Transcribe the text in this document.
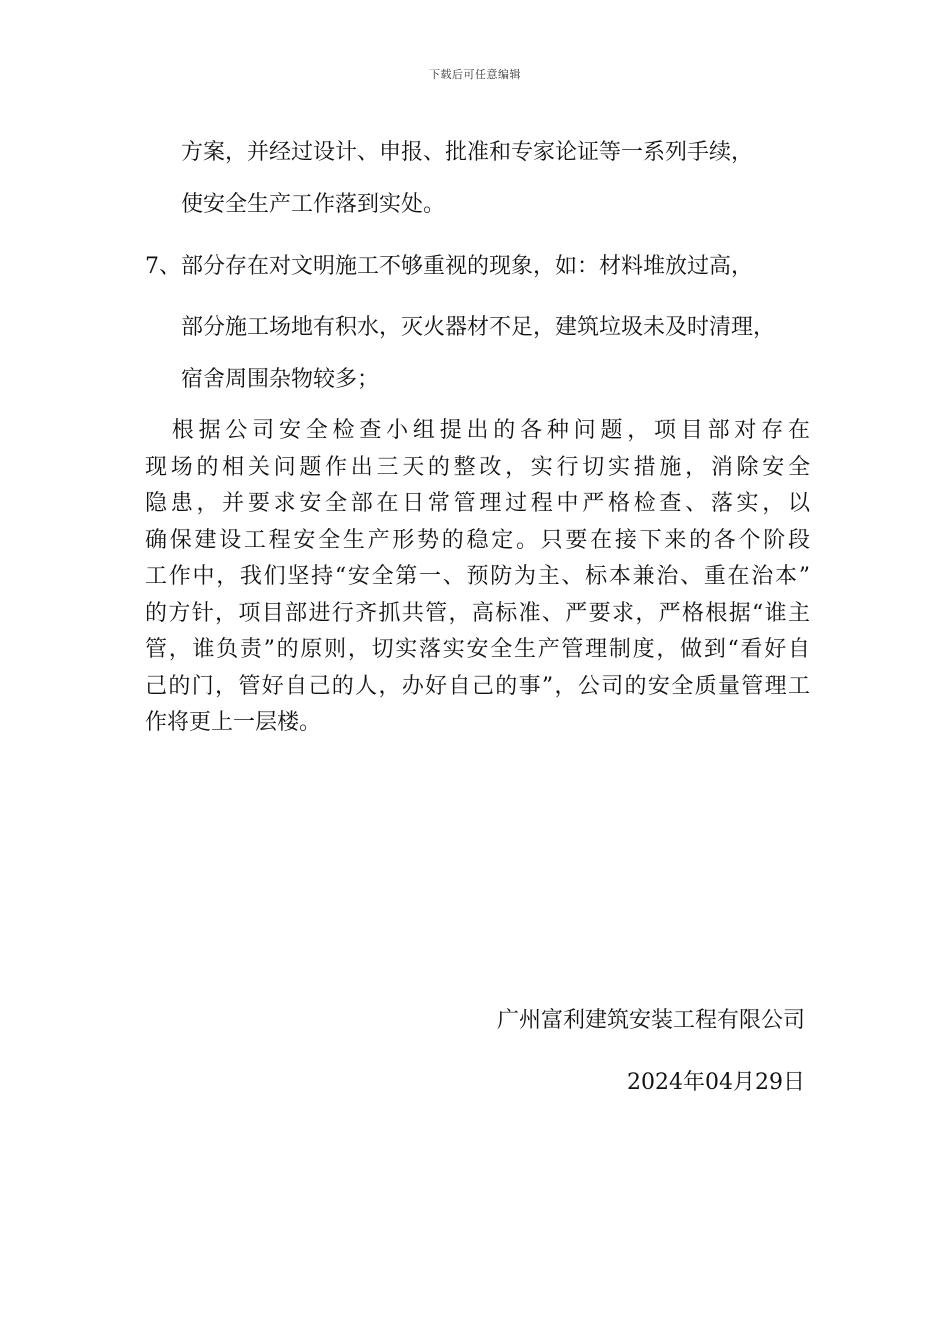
下载后可任意编辑
方案，并经过设计、申报、批准和专家论证等一系列手续，
使安全生产工作落到实处。
7、 部分存在对文明施工不够重视的现象，如：材料堆放过高，
部分施工场地有积水，灭火器材不足，建筑垃圾未及时清理，
宿舍周围杂物较多；
　根据公司安全检查小组提出的各种问题，项目部对存在
现场的相关问题作出三天的整改，实行切实措施，消除安全
隐患，并要求安全部在日常管理过程中严格检查、落实，以
确保建设工程安全生产形势的稳定。只要在接下来的各个阶段
工作中，我们坚持“安全第一、预防为主、标本兼治、重在治本”
的方针，项目部进行齐抓共管，高标准、严要求，严格根据“谁主
管，谁负责”的原则，切实落实安全生产管理制度，做到“看好自
己的门，管好自己的人，办好自己的事”，公司的安全质量管理工
作将更上一层楼。
广州富利建筑安装工程有限公司
2024年04月29日
